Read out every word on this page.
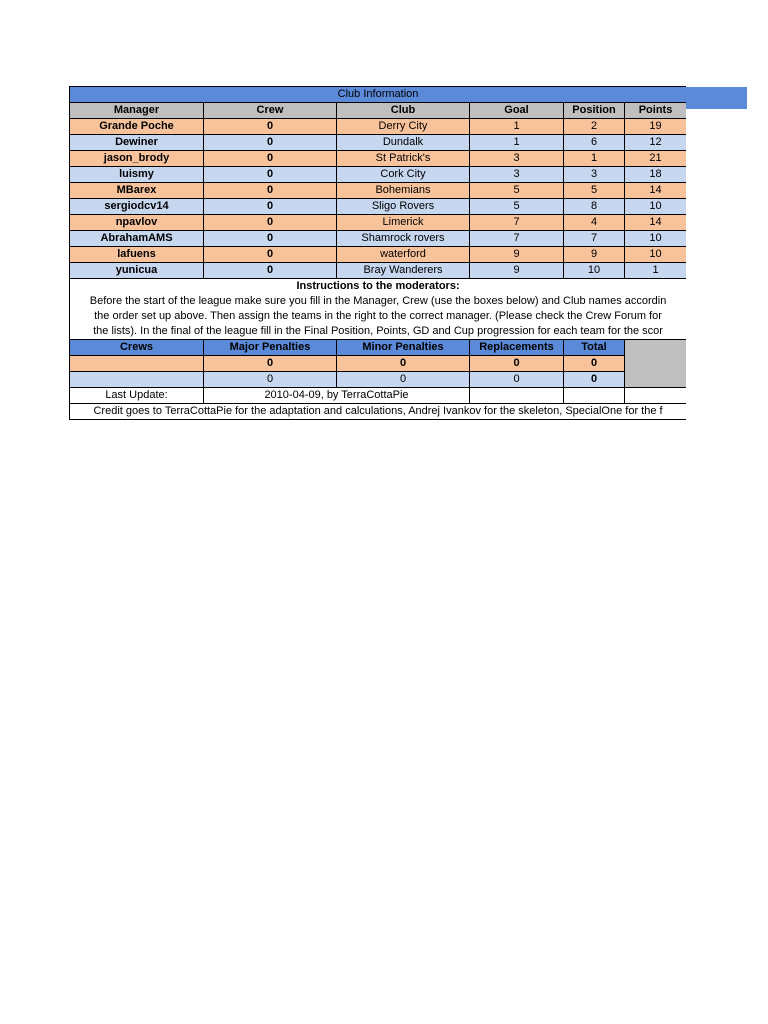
Club Information					
Manager	Crew	Club	Goal	Position	Points
Grande Poche	0	Derry City	1	2	19
Dewiner	0	Dundalk	1	6	12
jason_brody	0	St Patrick's	3	1	21
luismy	0	Cork City	3	3	18
MBarex	0	Bohemians	5	5	14
sergiodcv14	0	Sligo Rovers	5	8	10
npavlov	0	Limerick	7	4	14
AbrahamAMS	0	Shamrock rovers	7	7	10
lafuens	0	waterford	9	9	10
yunicua	0	Bray Wanderers	9	10	1
Instructions to the moderators:					
Before the start of the league make sure you fill in the Manager, Crew (use the boxes below) and Club names accordin					
the order set up above. Then assign the teams in the right to the correct manager. (Please check the Crew Forum for					
the lists). In the final of the league fill in the Final Position, Points, GD and Cup progression for each team for the scor					
Crews	Major Penalties	Minor Penalties	Replacements	Total	
	0	0	0	0	
	0	0	0	0	
Last Update:	2010-04-09, by TerraCottaPie				
Credit goes to TerraCottaPie for the adaptation and calculations, Andrej Ivankov for the skeleton, SpecialOne for the f					
